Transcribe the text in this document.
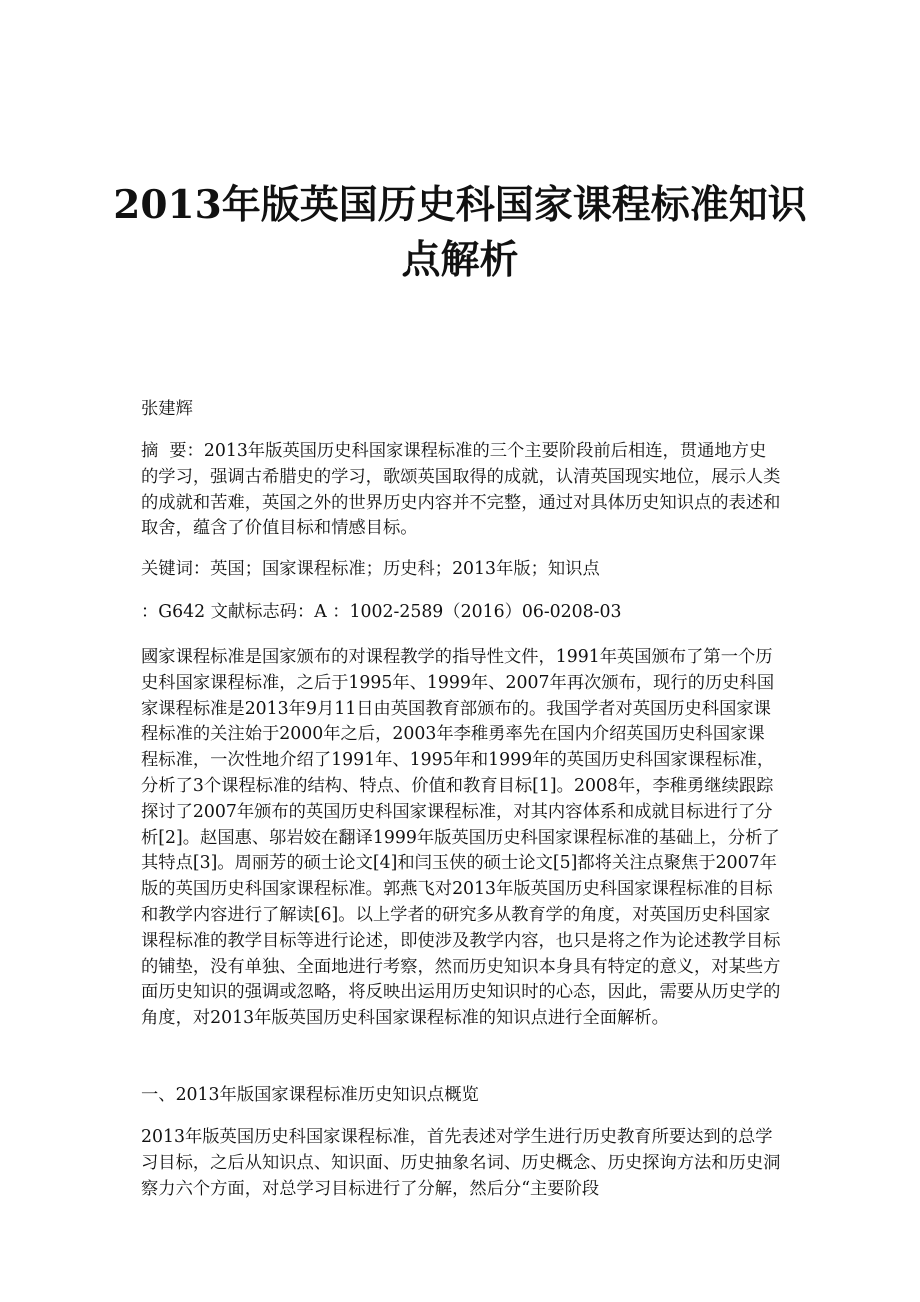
2013年版英国历史科国家课程标准知识点解析

张建辉

摘  要：2013年版英国历史科国家课程标准的三个主要阶段前后相连，贯通地方史的学习，强调古希腊史的学习，歌颂英国取得的成就，认清英国现实地位，展示人类的成就和苦难，英国之外的世界历史内容并不完整，通过对具体历史知识点的表述和取舍，蕴含了价值目标和情感目标。

关键词：英国；国家课程标准；历史科；2013年版；知识点

：G642 文献标志码：A ：1002-2589（2016）06-0208-03

國家课程标准是国家颁布的对课程教学的指导性文件，1991年英国颁布了第一个历史科国家课程标准，之后于1995年、1999年、2007年再次颁布，现行的历史科国家课程标准是2013年9月11日由英国教育部颁布的。我国学者对英国历史科国家课程标准的关注始于2000年之后，2003年李稚勇率先在国内介绍英国历史科国家课程标准，一次性地介绍了1991年、1995年和1999年的英国历史科国家课程标准，分析了3个课程标准的结构、特点、价值和教育目标[1]。2008年，李稚勇继续跟踪探讨了2007年颁布的英国历史科国家课程标准，对其内容体系和成就目标进行了分析[2]。赵国惠、邬岩姣在翻译1999年版英国历史科国家课程标准的基础上，分析了其特点[3]。周丽芳的硕士论文[4]和闫玉侠的硕士论文[5]都将关注点聚焦于2007年版的英国历史科国家课程标准。郭燕飞对2013年版英国历史科国家课程标准的目标和教学内容进行了解读[6]。以上学者的研究多从教育学的角度，对英国历史科国家课程标准的教学目标等进行论述，即使涉及教学内容，也只是将之作为论述教学目标的铺垫，没有单独、全面地进行考察，然而历史知识本身具有特定的意义，对某些方面历史知识的强调或忽略，将反映出运用历史知识时的心态，因此，需要从历史学的角度，对2013年版英国历史科国家课程标准的知识点进行全面解析。

一、2013年版国家课程标准历史知识点概览

2013年版英国历史科国家课程标准，首先表述对学生进行历史教育所要达到的总学习目标，之后从知识点、知识面、历史抽象名词、历史概念、历史探询方法和历史洞察力六个方面，对总学习目标进行了分解，然后分“主要阶段
